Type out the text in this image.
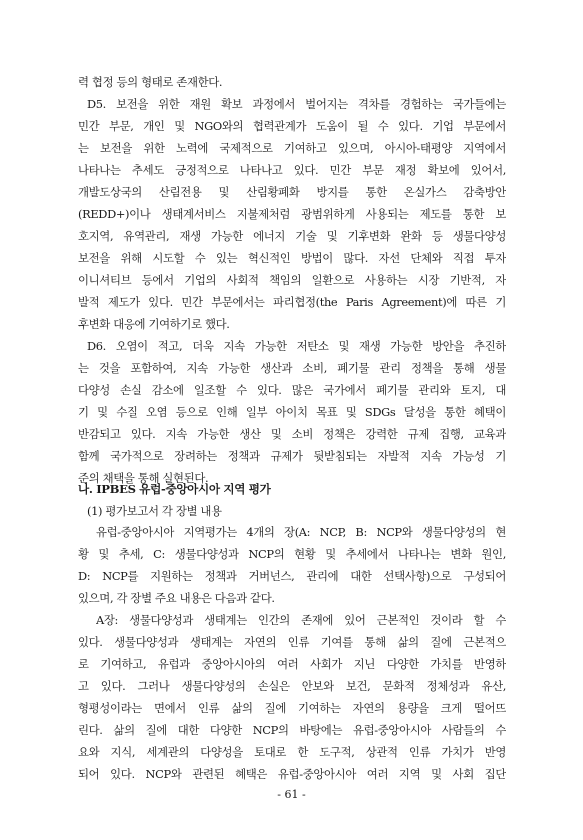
력 협정 등의 형태로 존재한다.
D5. 보전을 위한 재원 확보 과정에서 벌어지는 격차를 경험하는 국가들에는
민간 부문, 개인 및 NGO와의 협력관계가 도움이 될 수 있다. 기업 부문에서
는 보전을 위한 노력에 국제적으로 기여하고 있으며, 아시아-태평양 지역에서
나타나는 추세도 긍정적으로 나타나고 있다. 민간 부문 재정 확보에 있어서,
개발도상국의 산림전용 및 산림황폐화 방지를 통한 온실가스 감축방안
(REDD+)이나 생태계서비스 지불제처럼 광범위하게 사용되는 제도를 통한 보
호지역, 유역관리, 재생 가능한 에너지 기술 및 기후변화 완화 등 생물다양성
보전을 위해 시도할 수 있는 혁신적인 방법이 많다. 자선 단체와 직접 투자
이니셔티브 등에서 기업의 사회적 책임의 일환으로 사용하는 시장 기반적, 자
발적 제도가 있다. 민간 부문에서는 파리협정(the Paris Agreement)에 따른 기
후변화 대응에 기여하기로 했다.
D6. 오염이 적고, 더욱 지속 가능한 저탄소 및 재생 가능한 방안을 추진하
는 것을 포함하여, 지속 가능한 생산과 소비, 폐기물 관리 정책을 통해 생물
다양성 손실 감소에 일조할 수 있다. 많은 국가에서 폐기물 관리와 토지, 대
기 및 수질 오염 등으로 인해 일부 아이치 목표 및 SDGs 달성을 통한 혜택이
반감되고 있다. 지속 가능한 생산 및 소비 정책은 강력한 규제 집행, 교육과
함께 국가적으로 장려하는 정책과 규제가 뒷받침되는 자발적 지속 가능성 기
준의 채택을 통해 실현된다.
나. IPBES 유럽-중앙아시아 지역 평가
(1) 평가보고서 각 장별 내용
유럽-중앙아시아 지역평가는 4개의 장(A: NCP, B: NCP와 생물다양성의 현
황 및 추세, C: 생물다양성과 NCP의 현황 및 추세에서 나타나는 변화 원인,
D: NCP를 지원하는 정책과 거버넌스, 관리에 대한 선택사항)으로 구성되어
있으며, 각 장별 주요 내용은 다음과 같다.
A장: 생물다양성과 생태계는 인간의 존재에 있어 근본적인 것이라 할 수
있다. 생물다양성과 생태계는 자연의 인류 기여를 통해 삶의 질에 근본적으
로 기여하고, 유럽과 중앙아시아의 여러 사회가 지닌 다양한 가치를 반영하
고 있다. 그러나 생물다양성의 손실은 안보와 보건, 문화적 정체성과 유산,
형평성이라는 면에서 인류 삶의 질에 기여하는 자연의 용량을 크게 떨어뜨
린다. 삶의 질에 대한 다양한 NCP의 바탕에는 유럽-중앙아시아 사람들의 수
요와 지식, 세계관의 다양성을 토대로 한 도구적, 상관적 인류 가치가 반영
되어 있다. NCP와 관련된 혜택은 유럽-중앙아시아 여러 지역 및 사회 집단
- 61 -
